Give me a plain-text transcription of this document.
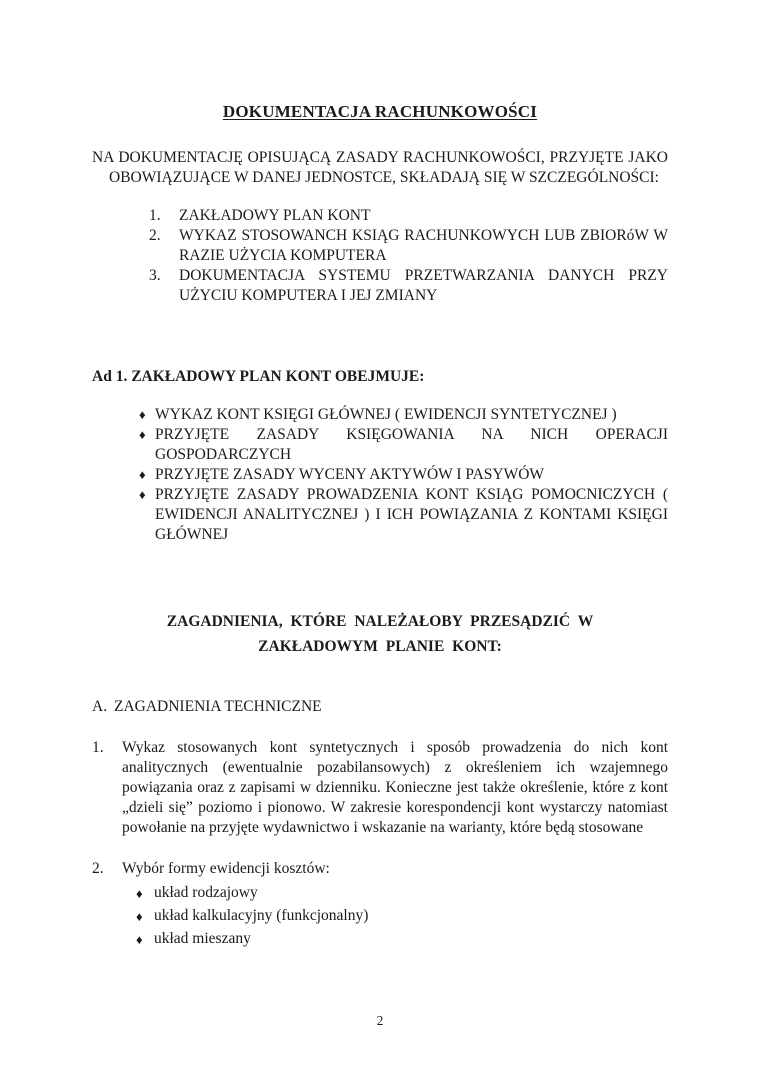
DOKUMENTACJA RACHUNKOWOŚCI

NA DOKUMENTACJĘ OPISUJĄCĄ ZASADY RACHUNKOWOŚCI, PRZYJĘTE JAKO OBOWIĄZUJĄCE W DANEJ JEDNOSTCE, SKŁADAJĄ SIĘ W SZCZEGÓLNOŚCI:

1. ZAKŁADOWY PLAN KONT
2. WYKAZ STOSOWANCH KSIĄG RACHUNKOWYCH LUB ZBIORóW W RAZIE UŻYCIA KOMPUTERA
3. DOKUMENTACJA SYSTEMU PRZETWARZANIA DANYCH PRZY UŻYCIU KOMPUTERA I JEJ ZMIANY
Ad 1. ZAKŁADOWY PLAN KONT OBEJMUJE:
♦ WYKAZ KONT KSIĘGI GŁÓWNEJ ( EWIDENCJI SYNTETYCZNEJ )
♦ PRZYJĘTE ZASADY KSIĘGOWANIA NA NICH OPERACJI GOSPODARCZYCH
♦ PRZYJĘTE ZASADY WYCENY AKTYWÓW I PASYWÓW
♦ PRZYJĘTE ZASADY PROWADZENIA KONT KSIĄG POMOCNICZYCH ( EWIDENCJI ANALITYCZNEJ ) I ICH POWIĄZANIA Z KONTAMI KSIĘGI GŁÓWNEJ
ZAGADNIENIA, KTÓRE NALEŻAŁOBY PRZESĄDZIĆ W ZAKŁADOWYM PLANIE KONT:

A. ZAGADNIENIA TECHNICZNE

1. Wykaz stosowanych kont syntetycznych i sposób prowadzenia do nich kont analitycznych (ewentualnie pozabilansowych) z określeniem ich wzajemnego powiązania oraz z zapisami w dzienniku. Konieczne jest także określenie, które z kont „dzieli się” poziomo i pionowo. W zakresie korespondencji kont wystarczy natomiast powołanie na przyjęte wydawnictwo i wskazanie na warianty, które będą stosowane
2. Wybór formy ewidencji kosztów:
♦ układ rodzajowy
♦ układ kalkulacyjny (funkcjonalny)
♦ układ mieszany
2
